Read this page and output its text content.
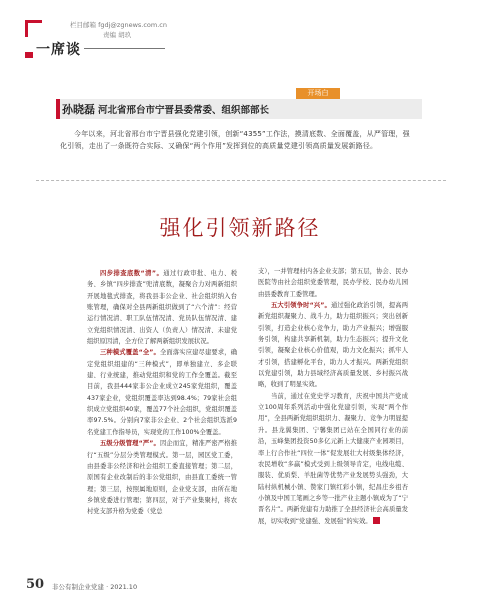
栏目邮箱 fgdj@zgnews.com.cn
责编 胡玖
一席谈
开场白
孙晓磊 河北省邢台市宁晋县委常委、组织部部长
今年以来，河北省邢台市宁晋县强化党建引领，创新“4355”工作法，摸清底数、全面覆盖，从严管理，强化引领，走出了一条既符合实际、又确保“两个作用”发挥到位的高质量党建引领高质量发展新路径。
强化引领新路径

四步排查底数“清”。通过行政审批、电力、税务、乡镇“四步排查”兜清底数，凝聚合力对两新组织开展地毯式排查，将我县非公企业、社会组织纳入台账管理，确保对全县两新组织做到了“六个清”：经营运行情况清、职工队伍情况清、党员队伍情况清、建立党组织情况清、出资人（负责人）情况清、未建党组织原因清，全方位了解两新组织发展状况。

三种模式覆盖“全”。全面落实应建尽建要求，确定党组织组建的“三种模式”，即单独建立、多企联建、行业统建，推动党组织和党的工作全覆盖。截至目前，我县444家非公企业成立245家党组织，覆盖437家企业，党组织覆盖率达到98.4%；79家社会组织成立党组织40家，覆盖77个社会组织，党组织覆盖率97.5%。分别向7家非公企业、2个社会组织选派9名党建工作指导员，实现党的工作100%全覆盖。

五级分级管理“严”。因企而宜，精准严密严格推行“五级”分层分类管理模式。第一层，园区党工委，由县委非公经济和社会组织工委直接管理；第二层，原国有企业改制后的非公党组织，由县直工委统一管理；第三层，按照属地原则，企业党支部，由所在地乡镇党委进行管理；第四层，对于产业集聚村，将农村党支部升格为党委（党总

支），一并管理村内各企业支部；第五层，协会、民办医院等由社会组织党委管理，民办学校、民办幼儿园由县委教育工委管理。

五大引领争时“兴”。通过强化政治引领，提高两新党组织凝聚力、战斗力，助力组织振兴；突出创新引领，打造企业核心竞争力，助力产业振兴；增强服务引领，构建共享新机制，助力生态振兴；提升文化引领，凝聚企业核心价值观，助力文化振兴；抓牢人才引领，搭建孵化平台，助力人才振兴。两新党组织以党建引领，助力县域经济高质量发展、乡村振兴战略，收到了明显实效。

当前，通过在党史学习教育，庆祝中国共产党成立100周年系列活动中强化党建引领，实现“两个作用”，全县两新党组织组织力、凝聚力、竞争力明显提升。县龙翼集团、宁馨集团已站在全国同行业的前沿，玉峰集团投资50多亿元新上大健康产业园项目，率上行合作社“四位一体”促发展壮大村级集体经济，农民增收“多赢”模式受到上级领导肯定，电线电缆、服装、优质梨、羊肚菌等优势产业发展势头强劲，大陆村纵机械小镇、赞家门镇红彩小镇，纪昌庄乡祖杏小镇及中国工笔画之乡等一批产业主题小镇成为了“宁晋名片”。两新党建有力助推了全县经济社会高质量发展，切实收到“党建强、发展强”的实效。

50 非公有制企业党建 · 2021.10
